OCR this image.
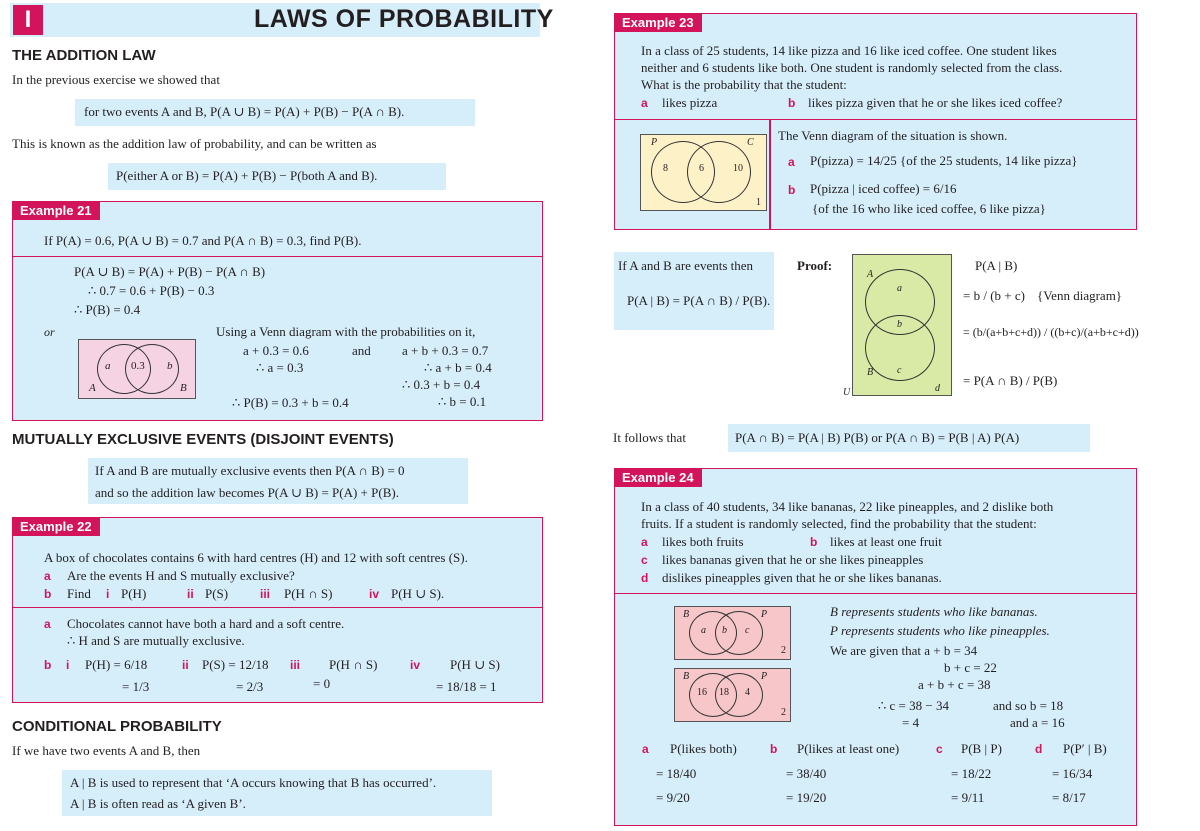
I	LAWS OF PROBABILITY
THE ADDITION LAW
In the previous exercise we showed that
for two events A and B, P(A ∪ B) = P(A) + P(B) − P(A ∩ B).
This is known as the addition law of probability, and can be written as
P(either A or B) = P(A) + P(B) − P(both A and B).
Example 21
If P(A) = 0.6, P(A ∪ B) = 0.7 and P(A ∩ B) = 0.3, find P(B).
P(A ∪ B) = P(A) + P(B) − P(A ∩ B)
∴ 0.7 = 0.6 + P(B) − 0.3
∴ P(B) = 0.4
or	Using a Venn diagram with the probabilities on it,
a + 0.3 = 0.6
∴ a = 0.3
and a + b + 0.3 = 0.7
∴ a + b = 0.4
∴ 0.3 + b = 0.4
∴ b = 0.1
∴ P(B) = 0.3 + b = 0.4
a 0.3 b
A	B
MUTUALLY EXCLUSIVE EVENTS (DISJOINT EVENTS)
If A and B are mutually exclusive events then P(A ∩ B) = 0
and so the addition law becomes P(A ∪ B) = P(A) + P(B).
Example 22
A box of chocolates contains 6 with hard centres (H) and 12 with soft centres (S).
a Are the events H and S mutually exclusive?
b Find i P(H)	ii P(S)	iii P(H ∩ S)	iv P(H ∪ S).
a Chocolates cannot have both a hard and a soft centre.
∴ H and S are mutually exclusive.
b i P(H) = 6/18
= 1/3
ii P(S) = 12/18
= 2/3
iii P(H ∩ S)
= 0
iv P(H ∪ S)
= 18/18 = 1
CONDITIONAL PROBABILITY
If we have two events A and B, then
A | B is used to represent that ‘A occurs knowing that B has occurred’.
A | B is often read as ‘A given B’.
Example 23
In a class of 25 students, 14 like pizza and 16 like iced coffee. One student likes
neither and 6 students like both. One student is randomly selected from the class.
What is the probability that the student:
a likes pizza	b likes pizza given that he or she likes iced coffee?
P	C
8	6	10
1
The Venn diagram of the situation is shown.
a P(pizza) = 14/25 {of the 25 students, 14 like pizza}
b P(pizza | iced coffee) = 6/16
{of the 16 who like iced coffee, 6 like pizza}
If A and B are events then
P(A | B) = P(A ∩ B) / P(B).
Proof:
A
a
b
B c
d
U
P(A | B)
= b / (b + c) {Venn diagram}
= (b/(a+b+c+d)) / ((b+c)/(a+b+c+d))
= P(A ∩ B) / P(B)
It follows that	P(A ∩ B) = P(A | B) P(B) or P(A ∩ B) = P(B | A) P(A)
Example 24
In a class of 40 students, 34 like bananas, 22 like pineapples, and 2 dislike both
fruits. If a student is randomly selected, find the probability that the student:
a likes both fruits	b likes at least one fruit
c likes bananas given that he or she likes pineapples
d dislikes pineapples given that he or she likes bananas.
B	P
a b c
2
B	P
16 18 4
2
B represents students who like bananas.
P represents students who like pineapples.
We are given that a + b = 34
b + c = 22
a + b + c = 38
∴ c = 38 − 34
= 4
and so b = 18
and a = 16
a P(likes both)
= 18/40
= 9/20
b P(likes at least one)
= 38/40
= 19/20
c P(B | P)
= 18/22
= 9/11
d P(P′ | B)
= 16/34
= 8/17
